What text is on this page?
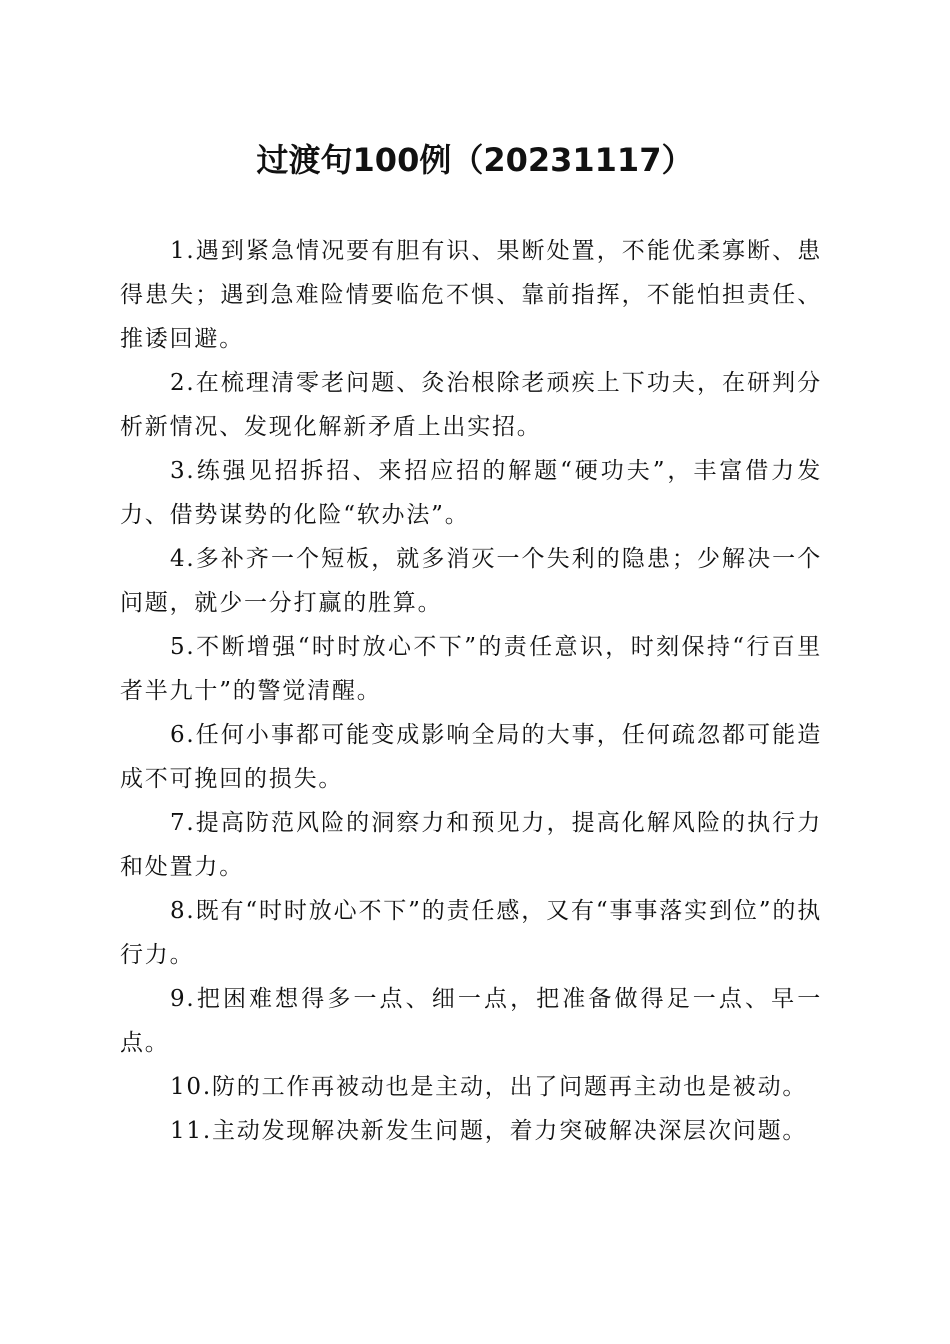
过渡句100例（20231117）

1.遇到紧急情况要有胆有识、果断处置，不能优柔寡断、患得患失；遇到急难险情要临危不惧、靠前指挥，不能怕担责任、推诿回避。

2.在梳理清零老问题、灸治根除老顽疾上下功夫，在研判分析新情况、发现化解新矛盾上出实招。

3.练强见招拆招、来招应招的解题“硬功夫”，丰富借力发力、借势谋势的化险“软办法”。

4.多补齐一个短板，就多消灭一个失利的隐患；少解决一个问题，就少一分打赢的胜算。

5.不断增强“时时放心不下”的责任意识，时刻保持“行百里者半九十”的警觉清醒。

6.任何小事都可能变成影响全局的大事，任何疏忽都可能造成不可挽回的损失。

7.提高防范风险的洞察力和预见力，提高化解风险的执行力和处置力。

8.既有“时时放心不下”的责任感，又有“事事落实到位”的执行力。

9.把困难想得多一点、细一点，把准备做得足一点、早一点。

10.防的工作再被动也是主动，出了问题再主动也是被动。

11.主动发现解决新发生问题，着力突破解决深层次问题。
